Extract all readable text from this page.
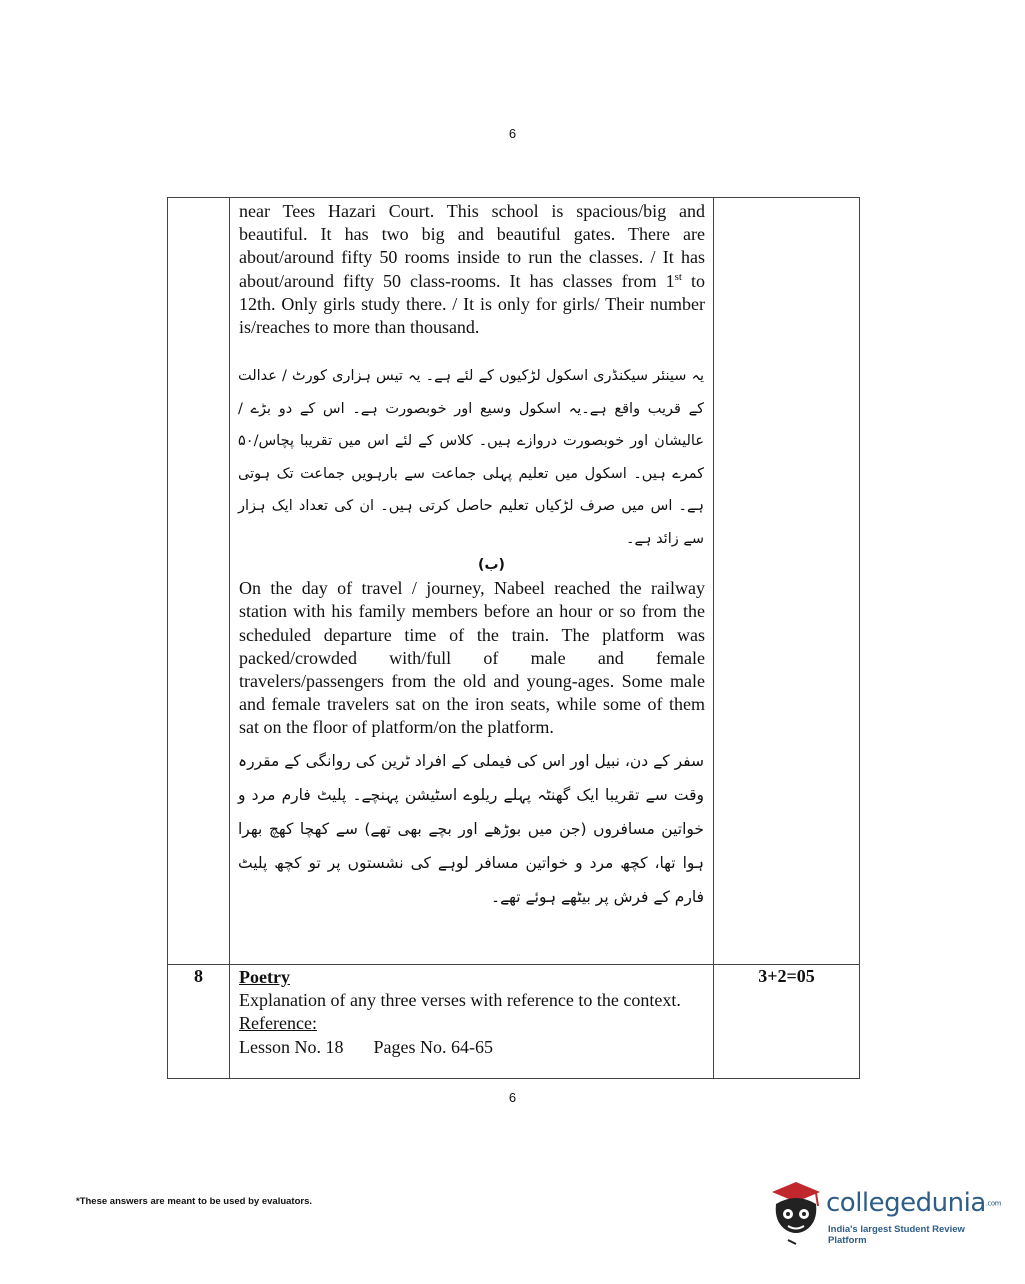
6

	near Tees Hazari Court. This school is spacious/big and beautiful. It has two big and beautiful gates. There are about/around fifty 50 rooms inside to run the classes. / It has about/around fifty 50 class-rooms. It has classes from 1st to 12th. Only girls study there. / It is only for girls/ Their number is/reaches to more than thousand.
یہ سینئر سیکنڈری اسکول لڑکیوں کے لئے ہے۔ یہ تیس ہزاری کورٹ / عدالت کے قریب واقع ہے۔یہ اسکول وسیع اور خوبصورت ہے۔ اس کے دو بڑے / عالیشان اور خوبصورت دروازے ہیں۔ کلاس کے لئے اس میں تقریبا پچاس/۵۰ کمرے ہیں۔ اسکول میں تعلیم پہلی جماعت سے بارہویں جماعت تک ہوتی ہے۔ اس میں صرف لڑکیاں تعلیم حاصل کرتی ہیں۔ ان کی تعداد ایک ہزار سے زائد ہے۔
(ب)
On the day of travel / journey, Nabeel reached the railway station with his family members before an hour or so from the scheduled departure time of the train. The platform was packed/crowded with/full of male and female travelers/passengers from the old and young-ages. Some male and female travelers sat on the iron seats, while some of them sat on the floor of platform/on the platform.
سفر کے دن، نبیل اور اس کی فیملی کے افراد ٹرین کی روانگی کے مقررہ وقت سے تقریبا ایک گھنٹہ پہلے ریلوے اسٹیشن پہنچے۔ پلیٹ فارم مرد و خواتین مسافروں (جن میں بوڑھے اور بچے بھی تھے) سے کھچا کھچ بھرا ہوا تھا، کچھ مرد و خواتین مسافر لوہے کی نشستوں پر تو کچھ پلیٹ فارم کے فرش پر بیٹھے ہوئے تھے۔	

8	Poetry
Explanation of any three verses with reference to the context.
Reference:
Lesson No. 18 Pages No. 64-65	3+2=05
6
*These answers are meant to be used by evaluators.	collegedunia.com
India's largest Student Review Platform
